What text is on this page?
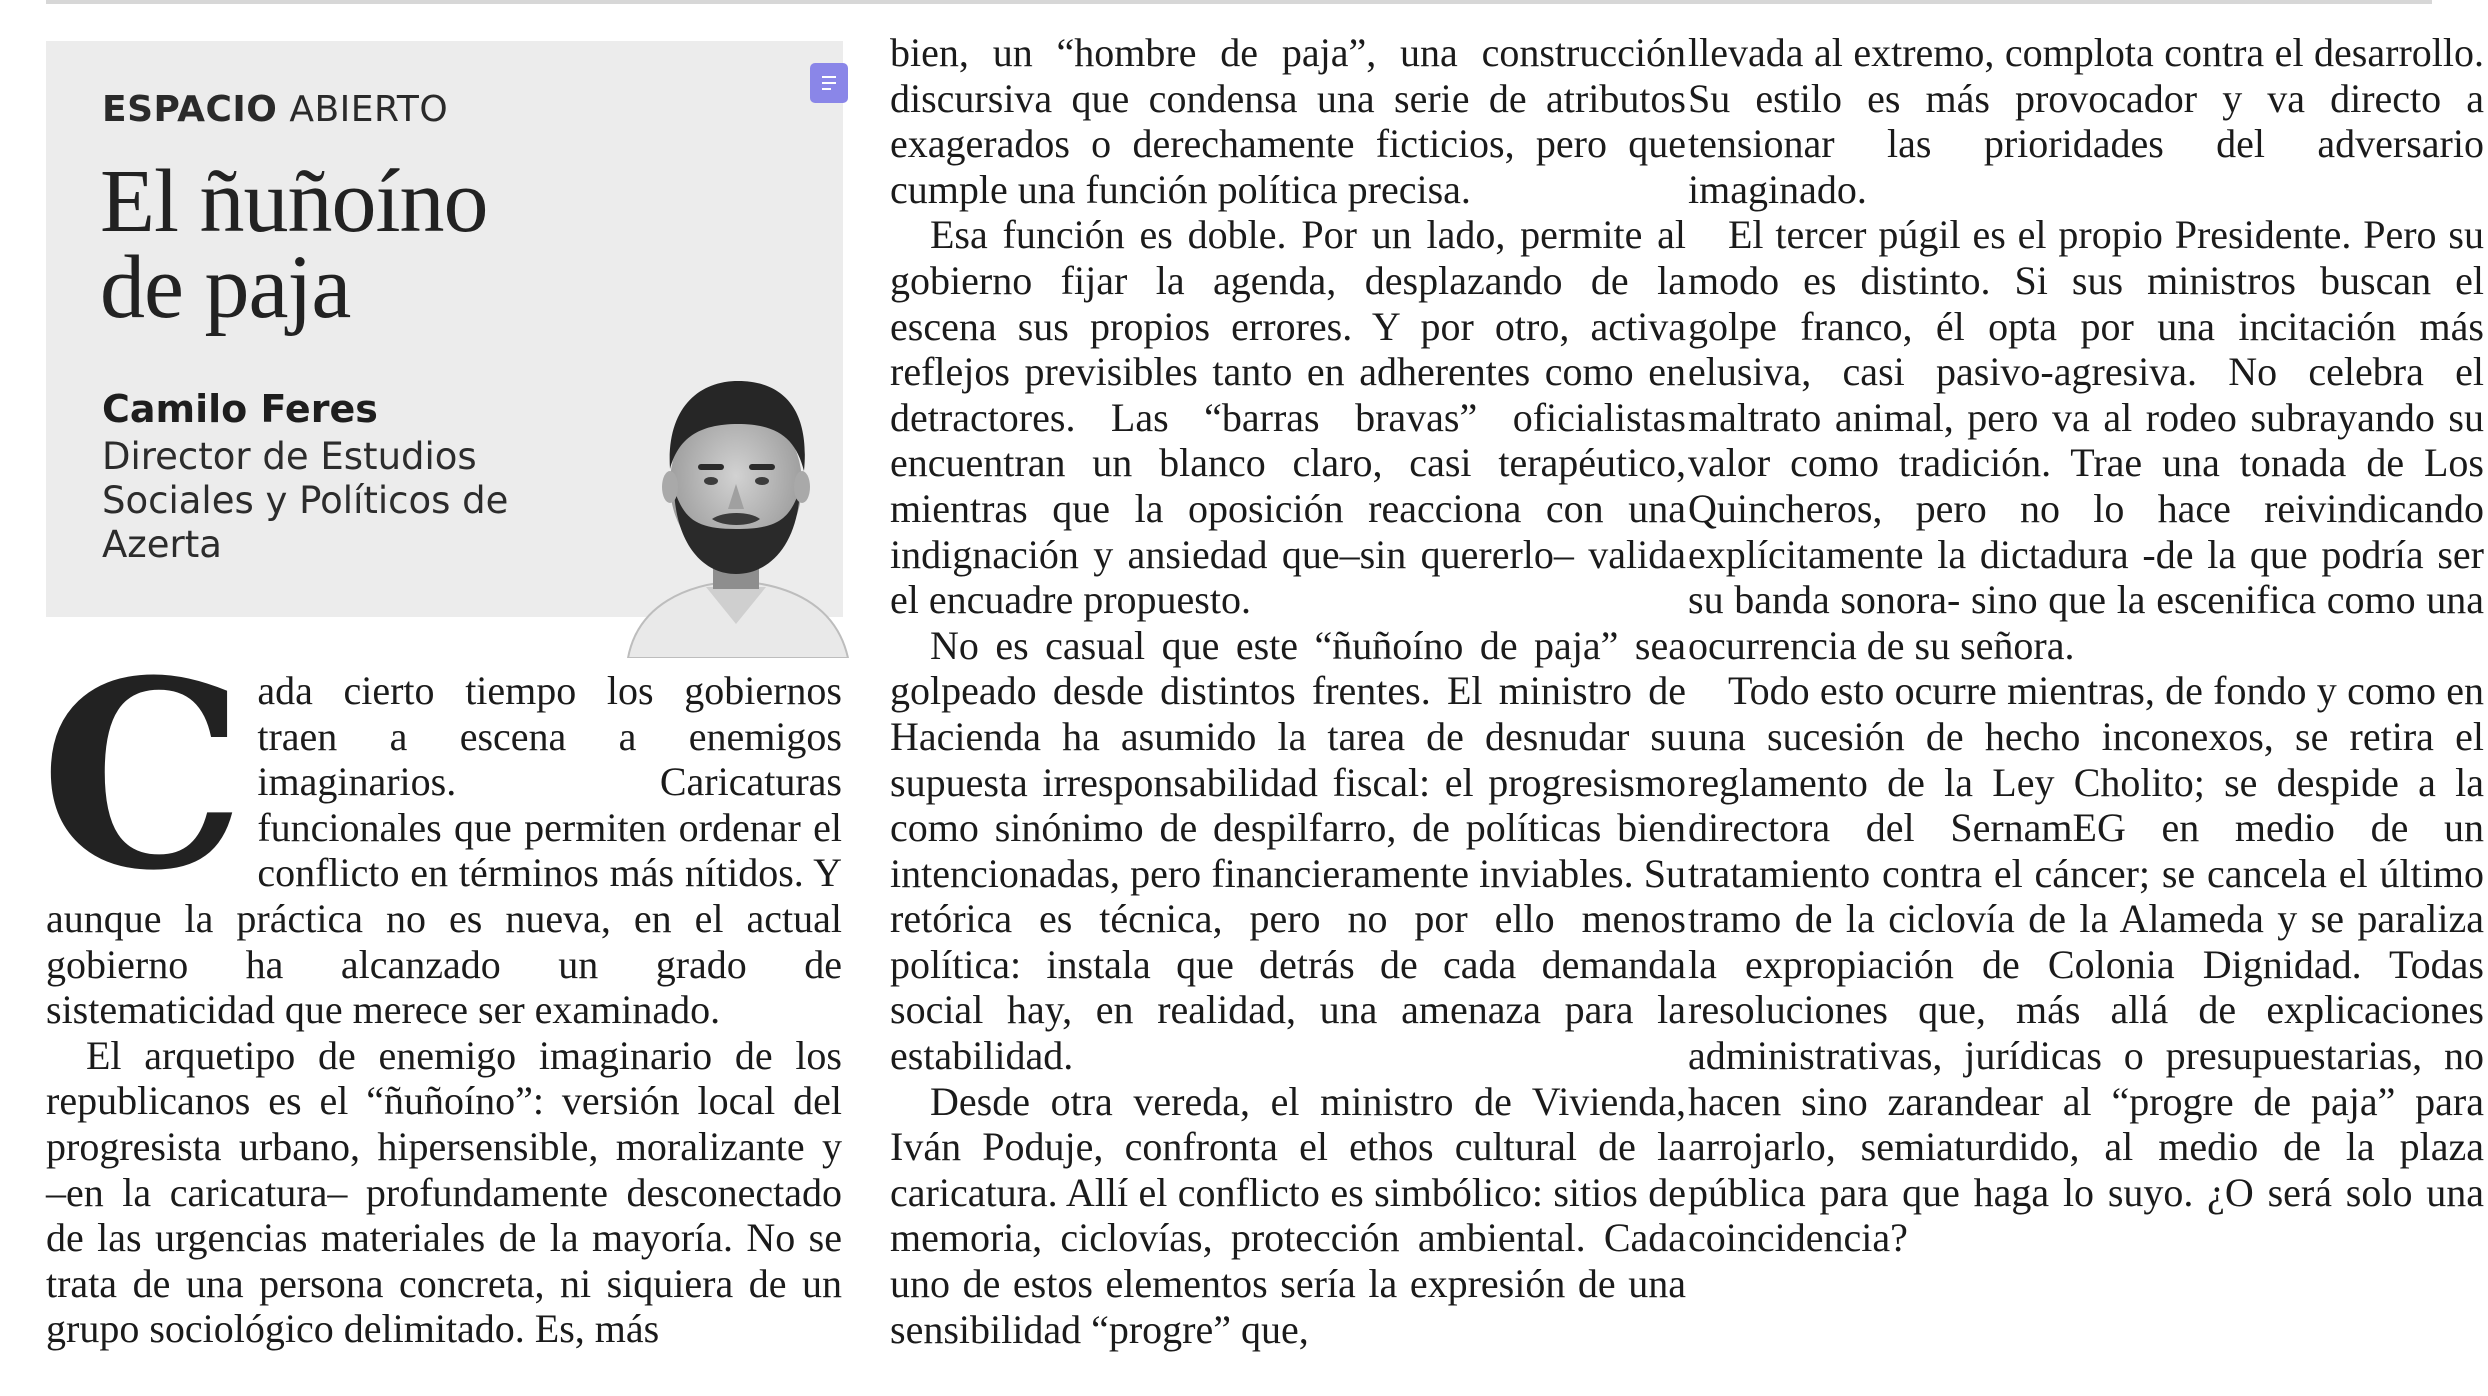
ESPACIO ABIERTO
El ñuñoíno
de paja
Camilo Feres
Director de Estudios Sociales y Políticos de Azerta

Cada cierto tiempo los gobiernos traen a escena a enemigos imaginarios. Caricaturas funcionales que permiten ordenar el conflicto en términos más nítidos. Y aunque la práctica no es nueva, en el actual gobierno ha alcanzado un grado de sistematicidad que merece ser examinado.

El arquetipo de enemigo imaginario de los republicanos es el “ñuñoíno”: versión local del progresista urbano, hipersensible, moralizante y –en la caricatura– profundamente desconectado de las urgencias materiales de la mayoría. No se trata de una persona concreta, ni siquiera de un grupo sociológico delimitado. Es, más

bien, un “hombre de paja”, una construcción discursiva que condensa una serie de atributos exagerados o derechamente ficticios, pero que cumple una función política precisa.

Esa función es doble. Por un lado, permite al gobierno fijar la agenda, desplazando de la escena sus propios errores. Y por otro, activa reflejos previsibles tanto en adherentes como en detractores. Las “barras bravas” oficialistas encuentran un blanco claro, casi terapéutico, mientras que la oposición reacciona con una indignación y ansiedad que–sin quererlo– valida el encuadre propuesto.

No es casual que este “ñuñoíno de paja” sea golpeado desde distintos frentes. El ministro de Hacienda ha asumido la tarea de desnudar su supuesta irresponsabilidad fiscal: el progresismo como sinónimo de despilfarro, de políticas bien intencionadas, pero financieramente inviables. Su retórica es técnica, pero no por ello menos política: instala que detrás de cada demanda social hay, en realidad, una amenaza para la estabilidad.

Desde otra vereda, el ministro de Vivienda, Iván Poduje, confronta el ethos cultural de la caricatura. Allí el conflicto es simbólico: sitios de memoria, ciclovías, protección ambiental. Cada uno de estos elementos sería la expresión de una sensibilidad “progre” que,

llevada al extremo, complota contra el desarrollo. Su estilo es más provocador y va directo a tensionar las prioridades del adversario imaginado.

El tercer púgil es el propio Presidente. Pero su modo es distinto. Si sus ministros buscan el golpe franco, él opta por una incitación más elusiva, casi pasivo-agresiva. No celebra el maltrato animal, pero va al rodeo subrayando su valor como tradición. Trae una tonada de Los Quincheros, pero no lo hace reivindicando explícitamente la dictadura -de la que podría ser su banda sonora- sino que la escenifica como una ocurrencia de su señora.

Todo esto ocurre mientras, de fondo y como en una sucesión de hecho inconexos, se retira el reglamento de la Ley Cholito; se despide a la directora del SernamEG en medio de un tratamiento contra el cáncer; se cancela el último tramo de la ciclovía de la Alameda y se paraliza la expropiación de Colonia Dignidad. Todas resoluciones que, más allá de explicaciones administrativas, jurídicas o presupuestarias, no hacen sino zarandear al “progre de paja” para arrojarlo, semiaturdido, al medio de la plaza pública para que haga lo suyo. ¿O será solo una coincidencia?
